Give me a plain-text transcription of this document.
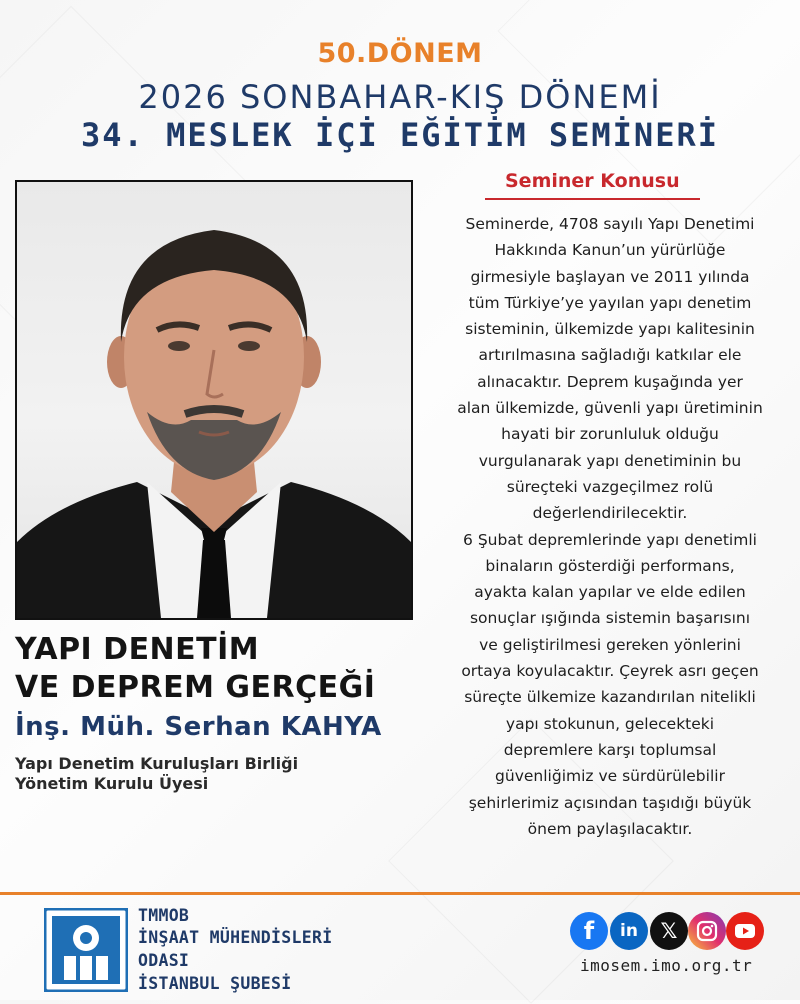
50.DÖNEM
2026 SONBAHAR-KIŞ DÖNEMİ
34. MESLEK İÇİ EĞİTİM SEMİNERİ
Seminer Konusu
Seminerde, 4708 sayılı Yapı Denetimi
Hakkında Kanun’un yürürlüğe
girmesiyle başlayan ve 2011 yılında
tüm Türkiye’ye yayılan yapı denetim
sisteminin, ülkemizde yapı kalitesinin
artırılmasına sağladığı katkılar ele
alınacaktır. Deprem kuşağında yer
alan ülkemizde, güvenli yapı üretiminin
hayati bir zorunluluk olduğu
vurgulanarak yapı denetiminin bu
süreçteki vazgeçilmez rolü
değerlendirilecektir.
6 Şubat depremlerinde yapı denetimli
binaların gösterdiği performans,
ayakta kalan yapılar ve elde edilen
sonuçlar ışığında sistemin başarısını
ve geliştirilmesi gereken yönlerini
ortaya koyulacaktır. Çeyrek asrı geçen
süreçte ülkemize kazandırılan nitelikli
yapı stokunun, gelecekteki
depremlere karşı toplumsal
güvenliğimiz ve sürdürülebilir
şehirlerimiz açısından taşıdığı büyük
önem paylaşılacaktır.
YAPI DENETİM
VE DEPREM GERÇEĞİ
İnş. Müh. Serhan KAHYA
Yapı Denetim Kuruluşları Birliği
Yönetim Kurulu Üyesi
TMMOB
İNŞAAT MÜHENDİSLERİ
ODASI
İSTANBUL ŞUBESİ
f	in	𝕏
imosem.imo.org.tr
